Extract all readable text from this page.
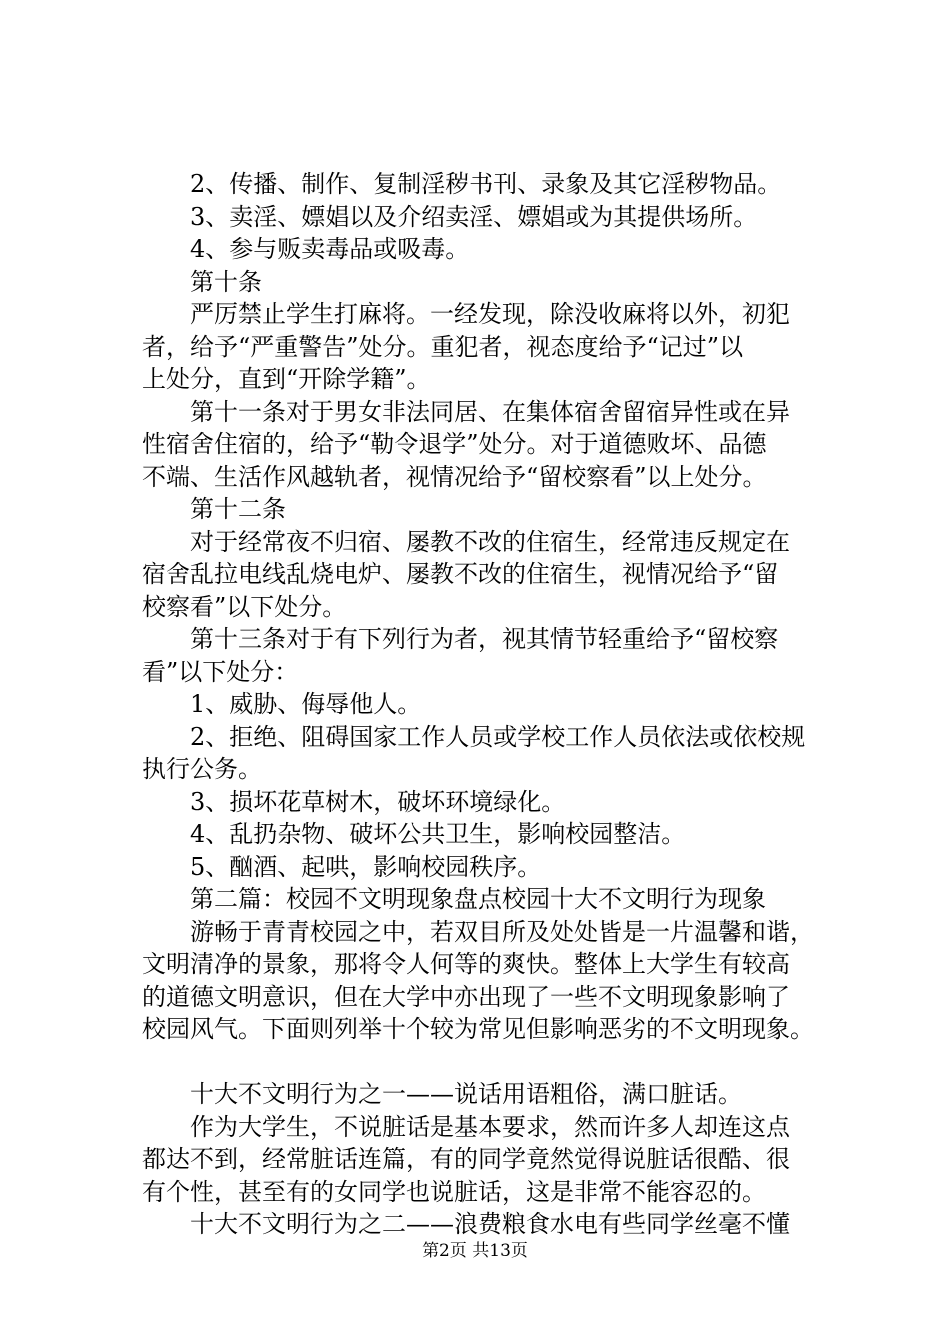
　　2、传播、制作、复制淫秽书刊、录象及其它淫秽物品。
　　3、卖淫、嫖娼以及介绍卖淫、嫖娼或为其提供场所。
　　4、参与贩卖毒品或吸毒。
　　第十条
　　严厉禁止学生打麻将。一经发现，除没收麻将以外，初犯
者，给予“严重警告”处分。重犯者，视态度给予“记过”以
上处分，直到“开除学籍”。
　　第十一条对于男女非法同居、在集体宿舍留宿异性或在异
性宿舍住宿的，给予“勒令退学”处分。对于道德败坏、品德
不端、生活作风越轨者，视情况给予“留校察看”以上处分。
　　第十二条
　　对于经常夜不归宿、屡教不改的住宿生，经常违反规定在
宿舍乱拉电线乱烧电炉、屡教不改的住宿生，视情况给予“留
校察看”以下处分。
　　第十三条对于有下列行为者，视其情节轻重给予“留校察
看”以下处分：
　　1、威胁、侮辱他人。
　　2、拒绝、阻碍国家工作人员或学校工作人员依法或依校规
执行公务。
　　3、损坏花草树木，破坏环境绿化。
　　4、乱扔杂物、破坏公共卫生，影响校园整洁。
　　5、酗酒、起哄，影响校园秩序。
　　第二篇：校园不文明现象盘点校园十大不文明行为现象
　　游畅于青青校园之中，若双目所及处处皆是一片温馨和谐，
文明清净的景象，那将令人何等的爽快。整体上大学生有较高
的道德文明意识，但在大学中亦出现了一些不文明现象影响了
校园风气。下面则列举十个较为常见但影响恶劣的不文明现象。
　　十大不文明行为之一——说话用语粗俗，满口脏话。
　　作为大学生，不说脏话是基本要求，然而许多人却连这点
都达不到，经常脏话连篇，有的同学竟然觉得说脏话很酷、很
有个性，甚至有的女同学也说脏话，这是非常不能容忍的。
　　十大不文明行为之二——浪费粮食水电有些同学丝毫不懂
第2页 共13页
